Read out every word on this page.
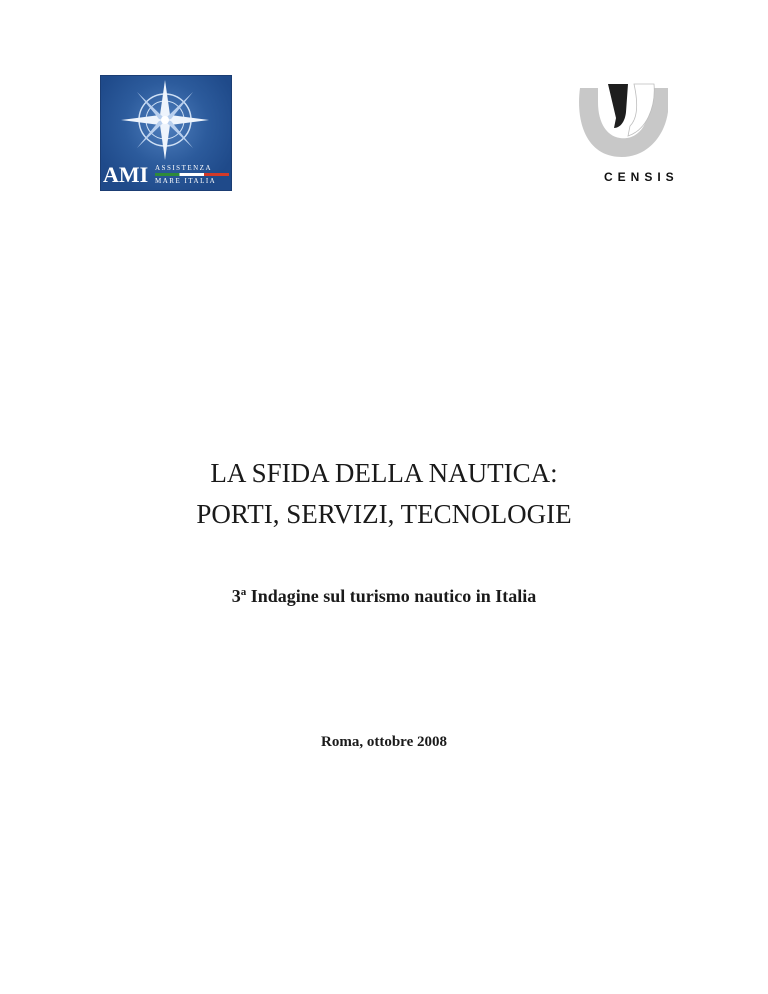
AMI ASSISTENZA
MARE ITALIA	CENSIS
LA SFIDA DELLA NAUTICA:
PORTI, SERVIZI, TECNOLOGIE
3$^a$ Indagine sul turismo nautico in Italia
Roma, ottobre 2008
